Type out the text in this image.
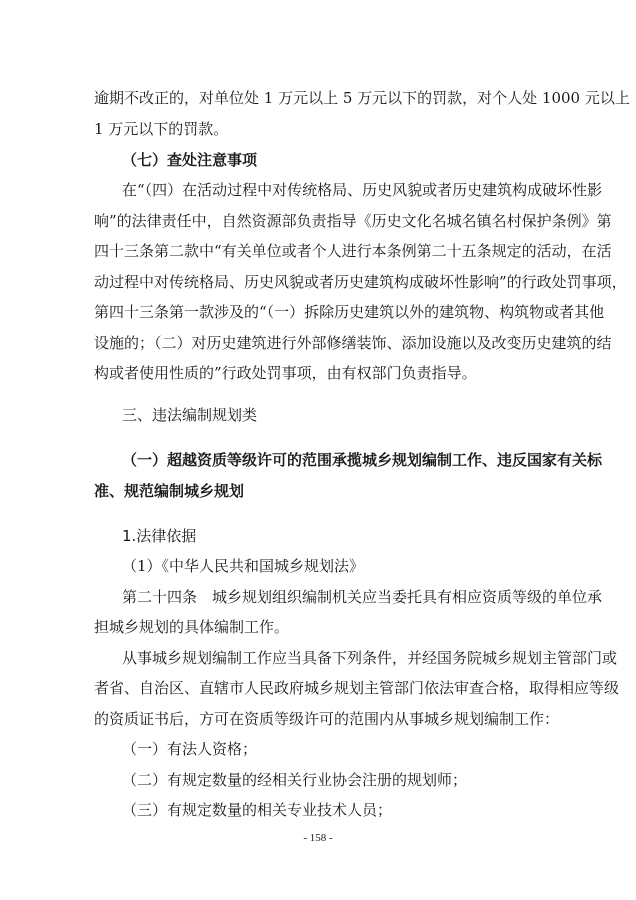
逾期不改正的，对单位处 1 万元以上 5 万元以下的罚款，对个人处 1000 元以上
1 万元以下的罚款。
（七）查处注意事项
在“（四）在活动过程中对传统格局、历史风貌或者历史建筑构成破坏性影
响”的法律责任中，自然资源部负责指导《历史文化名城名镇名村保护条例》第
四十三条第二款中“有关单位或者个人进行本条例第二十五条规定的活动，在活
动过程中对传统格局、历史风貌或者历史建筑构成破坏性影响”的行政处罚事项，
第四十三条第一款涉及的“（一）拆除历史建筑以外的建筑物、构筑物或者其他
设施的；（二）对历史建筑进行外部修缮装饰、添加设施以及改变历史建筑的结
构或者使用性质的”行政处罚事项，由有权部门负责指导。
三、违法编制规划类
（一）超越资质等级许可的范围承揽城乡规划编制工作、违反国家有关标
准、规范编制城乡规划
1.法律依据
（1）《中华人民共和国城乡规划法》
第二十四条　城乡规划组织编制机关应当委托具有相应资质等级的单位承
担城乡规划的具体编制工作。
从事城乡规划编制工作应当具备下列条件，并经国务院城乡规划主管部门或
者省、自治区、直辖市人民政府城乡规划主管部门依法审查合格，取得相应等级
的资质证书后，方可在资质等级许可的范围内从事城乡规划编制工作：
（一）有法人资格；
（二）有规定数量的经相关行业协会注册的规划师；
（三）有规定数量的相关专业技术人员；
- 158 -
